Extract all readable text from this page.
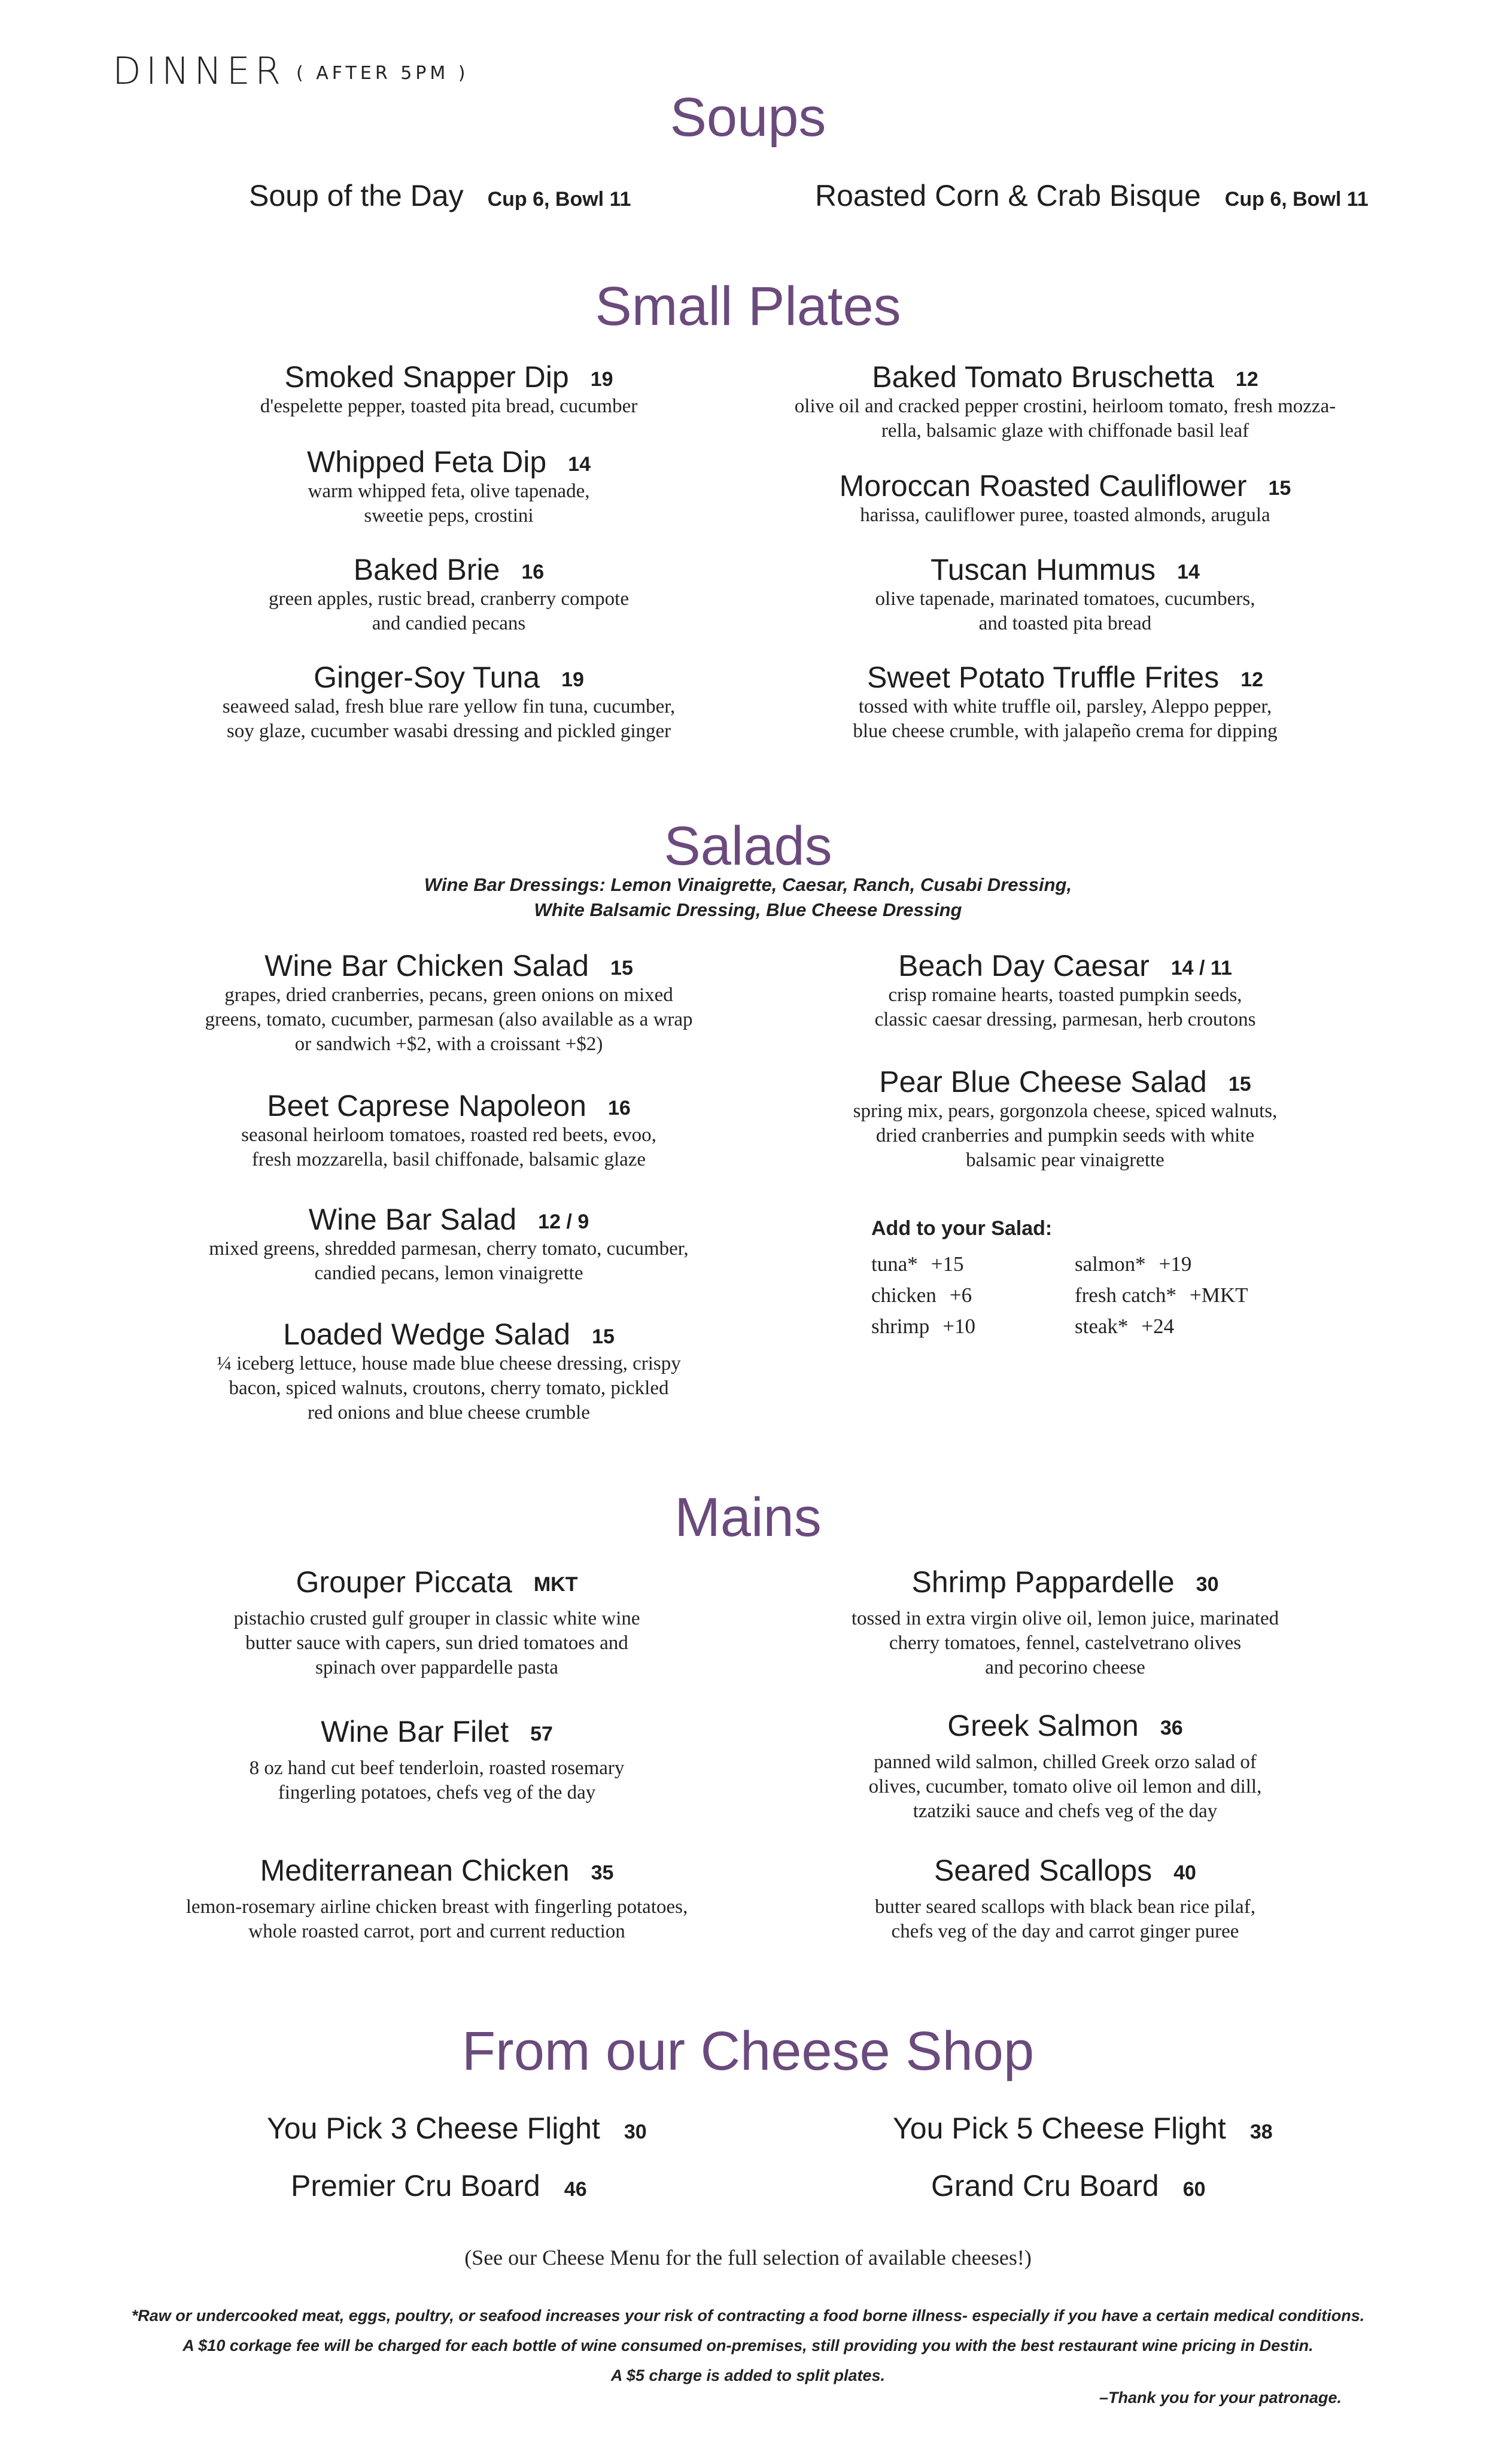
DINNER ( AFTER 5PM )
Soups
Soup of the Day Cup 6, Bowl 11	Roasted Corn & Crab Bisque Cup 6, Bowl 11
Small Plates
Smoked Snapper Dip 19
d'espelette pepper, toasted pita bread, cucumber
Baked Tomato Bruschetta 12
olive oil and cracked pepper crostini, heirloom tomato, fresh mozza-
rella, balsamic glaze with chiffonade basil leaf
Whipped Feta Dip 14
warm whipped feta, olive tapenade,
sweetie peps, crostini
Moroccan Roasted Cauliflower 15
harissa, cauliflower puree, toasted almonds, arugula
Baked Brie 16
green apples, rustic bread, cranberry compote
and candied pecans
Tuscan Hummus 14
olive tapenade, marinated tomatoes, cucumbers,
and toasted pita bread
Ginger-Soy Tuna 19
seaweed salad, fresh blue rare yellow fin tuna, cucumber,
soy glaze, cucumber wasabi dressing and pickled ginger
Sweet Potato Truffle Frites 12
tossed with white truffle oil, parsley, Aleppo pepper,
blue cheese crumble, with jalapeño crema for dipping
Salads
Wine Bar Dressings: Lemon Vinaigrette, Caesar, Ranch, Cusabi Dressing,
White Balsamic Dressing, Blue Cheese Dressing
Wine Bar Chicken Salad 15
grapes, dried cranberries, pecans, green onions on mixed
greens, tomato, cucumber, parmesan (also available as a wrap
or sandwich +$2, with a croissant +$2)
Beach Day Caesar 14 / 11
crisp romaine hearts, toasted pumpkin seeds,
classic caesar dressing, parmesan, herb croutons
Beet Caprese Napoleon 16
seasonal heirloom tomatoes, roasted red beets, evoo,
fresh mozzarella, basil chiffonade, balsamic glaze
Pear Blue Cheese Salad 15
spring mix, pears, gorgonzola cheese, spiced walnuts,
dried cranberries and pumpkin seeds with white
balsamic pear vinaigrette
Wine Bar Salad 12 / 9
mixed greens, shredded parmesan, cherry tomato, cucumber,
candied pecans, lemon vinaigrette
Loaded Wedge Salad 15
¼ iceberg lettuce, house made blue cheese dressing, crispy
bacon, spiced walnuts, croutons, cherry tomato, pickled
red onions and blue cheese crumble
Add to your Salad:
tuna* +15	salmon* +19
chicken +6	fresh catch* +MKT
shrimp +10	steak* +24
Mains
Grouper Piccata MKT
pistachio crusted gulf grouper in classic white wine
butter sauce with capers, sun dried tomatoes and
spinach over pappardelle pasta
Shrimp Pappardelle 30
tossed in extra virgin olive oil, lemon juice, marinated
cherry tomatoes, fennel, castelvetrano olives
and pecorino cheese
Wine Bar Filet 57
8 oz hand cut beef tenderloin, roasted rosemary
fingerling potatoes, chefs veg of the day
Greek Salmon 36
panned wild salmon, chilled Greek orzo salad of
olives, cucumber, tomato olive oil lemon and dill,
tzatziki sauce and chefs veg of the day
Mediterranean Chicken 35
lemon-rosemary airline chicken breast with fingerling potatoes,
whole roasted carrot, port and current reduction
Seared Scallops 40
butter seared scallops with black bean rice pilaf,
chefs veg of the day and carrot ginger puree
From our Cheese Shop
You Pick 3 Cheese Flight 30	You Pick 5 Cheese Flight 38
Premier Cru Board 46	Grand Cru Board 60
(See our Cheese Menu for the full selection of available cheeses!)
*Raw or undercooked meat, eggs, poultry, or seafood increases your risk of contracting a food borne illness- especially if you have a certain medical conditions.
A $10 corkage fee will be charged for each bottle of wine consumed on-premises, still providing you with the best restaurant wine pricing in Destin.
A $5 charge is added to split plates.
–Thank you for your patronage.
